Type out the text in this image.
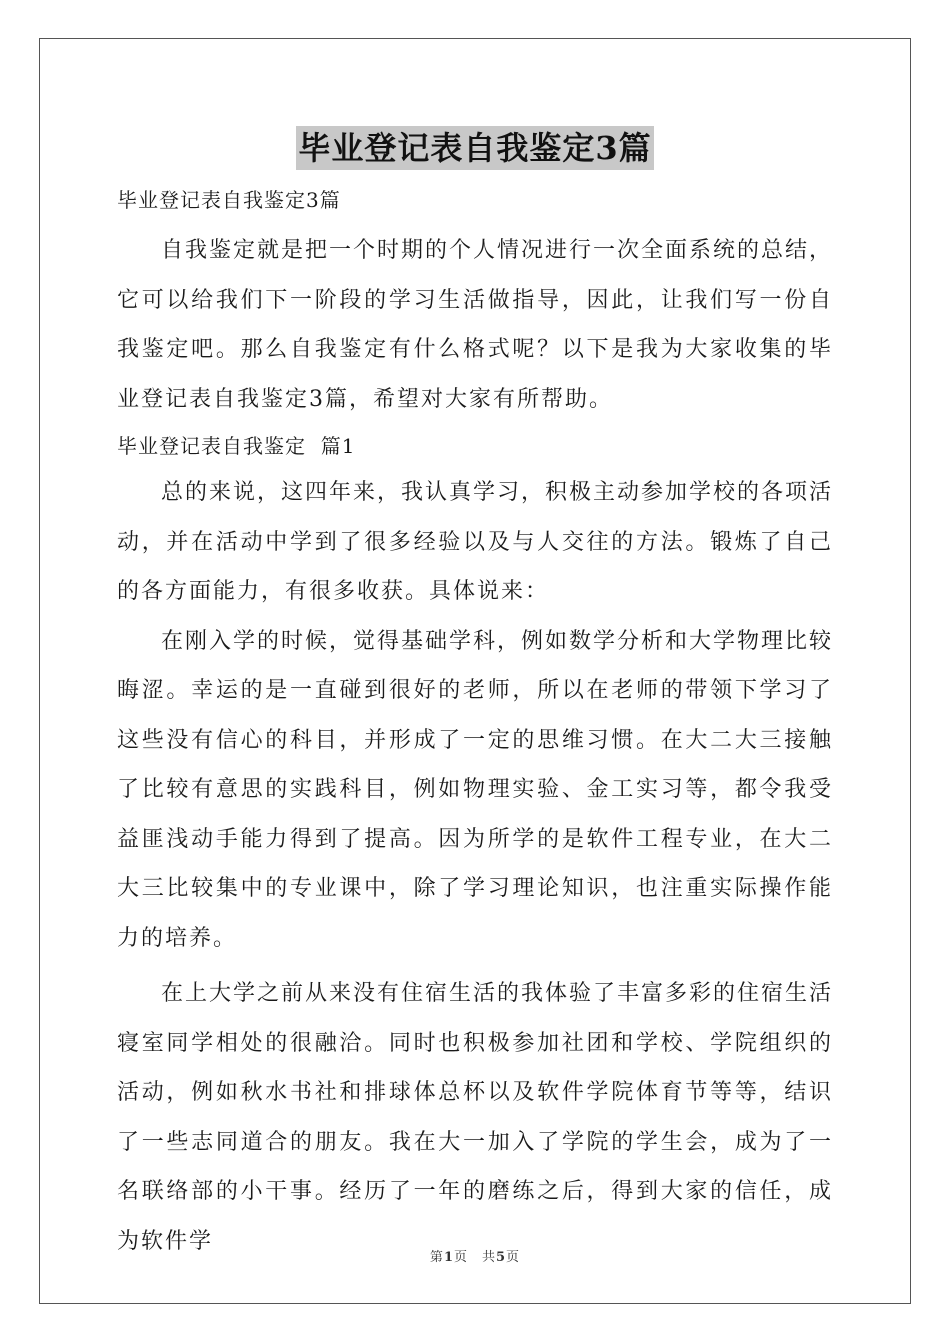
毕业登记表自我鉴定3篇
毕业登记表自我鉴定3篇

自我鉴定就是把一个时期的个人情况进行一次全面系统的总结，它可以给我们下一阶段的学习生活做指导，因此，让我们写一份自我鉴定吧。那么自我鉴定有什么格式呢？以下是我为大家收集的毕业登记表自我鉴定3篇，希望对大家有所帮助。

毕业登记表自我鉴定  篇1

总的来说，这四年来，我认真学习，积极主动参加学校的各项活动，并在活动中学到了很多经验以及与人交往的方法。锻炼了自己的各方面能力，有很多收获。具体说来：

在刚入学的时候，觉得基础学科，例如数学分析和大学物理比较晦涩。幸运的是一直碰到很好的老师，所以在老师的带领下学习了这些没有信心的科目，并形成了一定的思维习惯。在大二大三接触了比较有意思的实践科目，例如物理实验、金工实习等，都令我受益匪浅动手能力得到了提高。因为所学的是软件工程专业，在大二大三比较集中的专业课中，除了学习理论知识，也注重实际操作能力的培养。

在上大学之前从来没有住宿生活的我体验了丰富多彩的住宿生活寝室同学相处的很融洽。同时也积极参加社团和学校、学院组织的活动，例如秋水书社和排球体总杯以及软件学院体育节等等，结识了一些志同道合的朋友。我在大一加入了学院的学生会，成为了一名联络部的小干事。经历了一年的磨练之后，得到大家的信任，成为软件学

第1页　共5页
